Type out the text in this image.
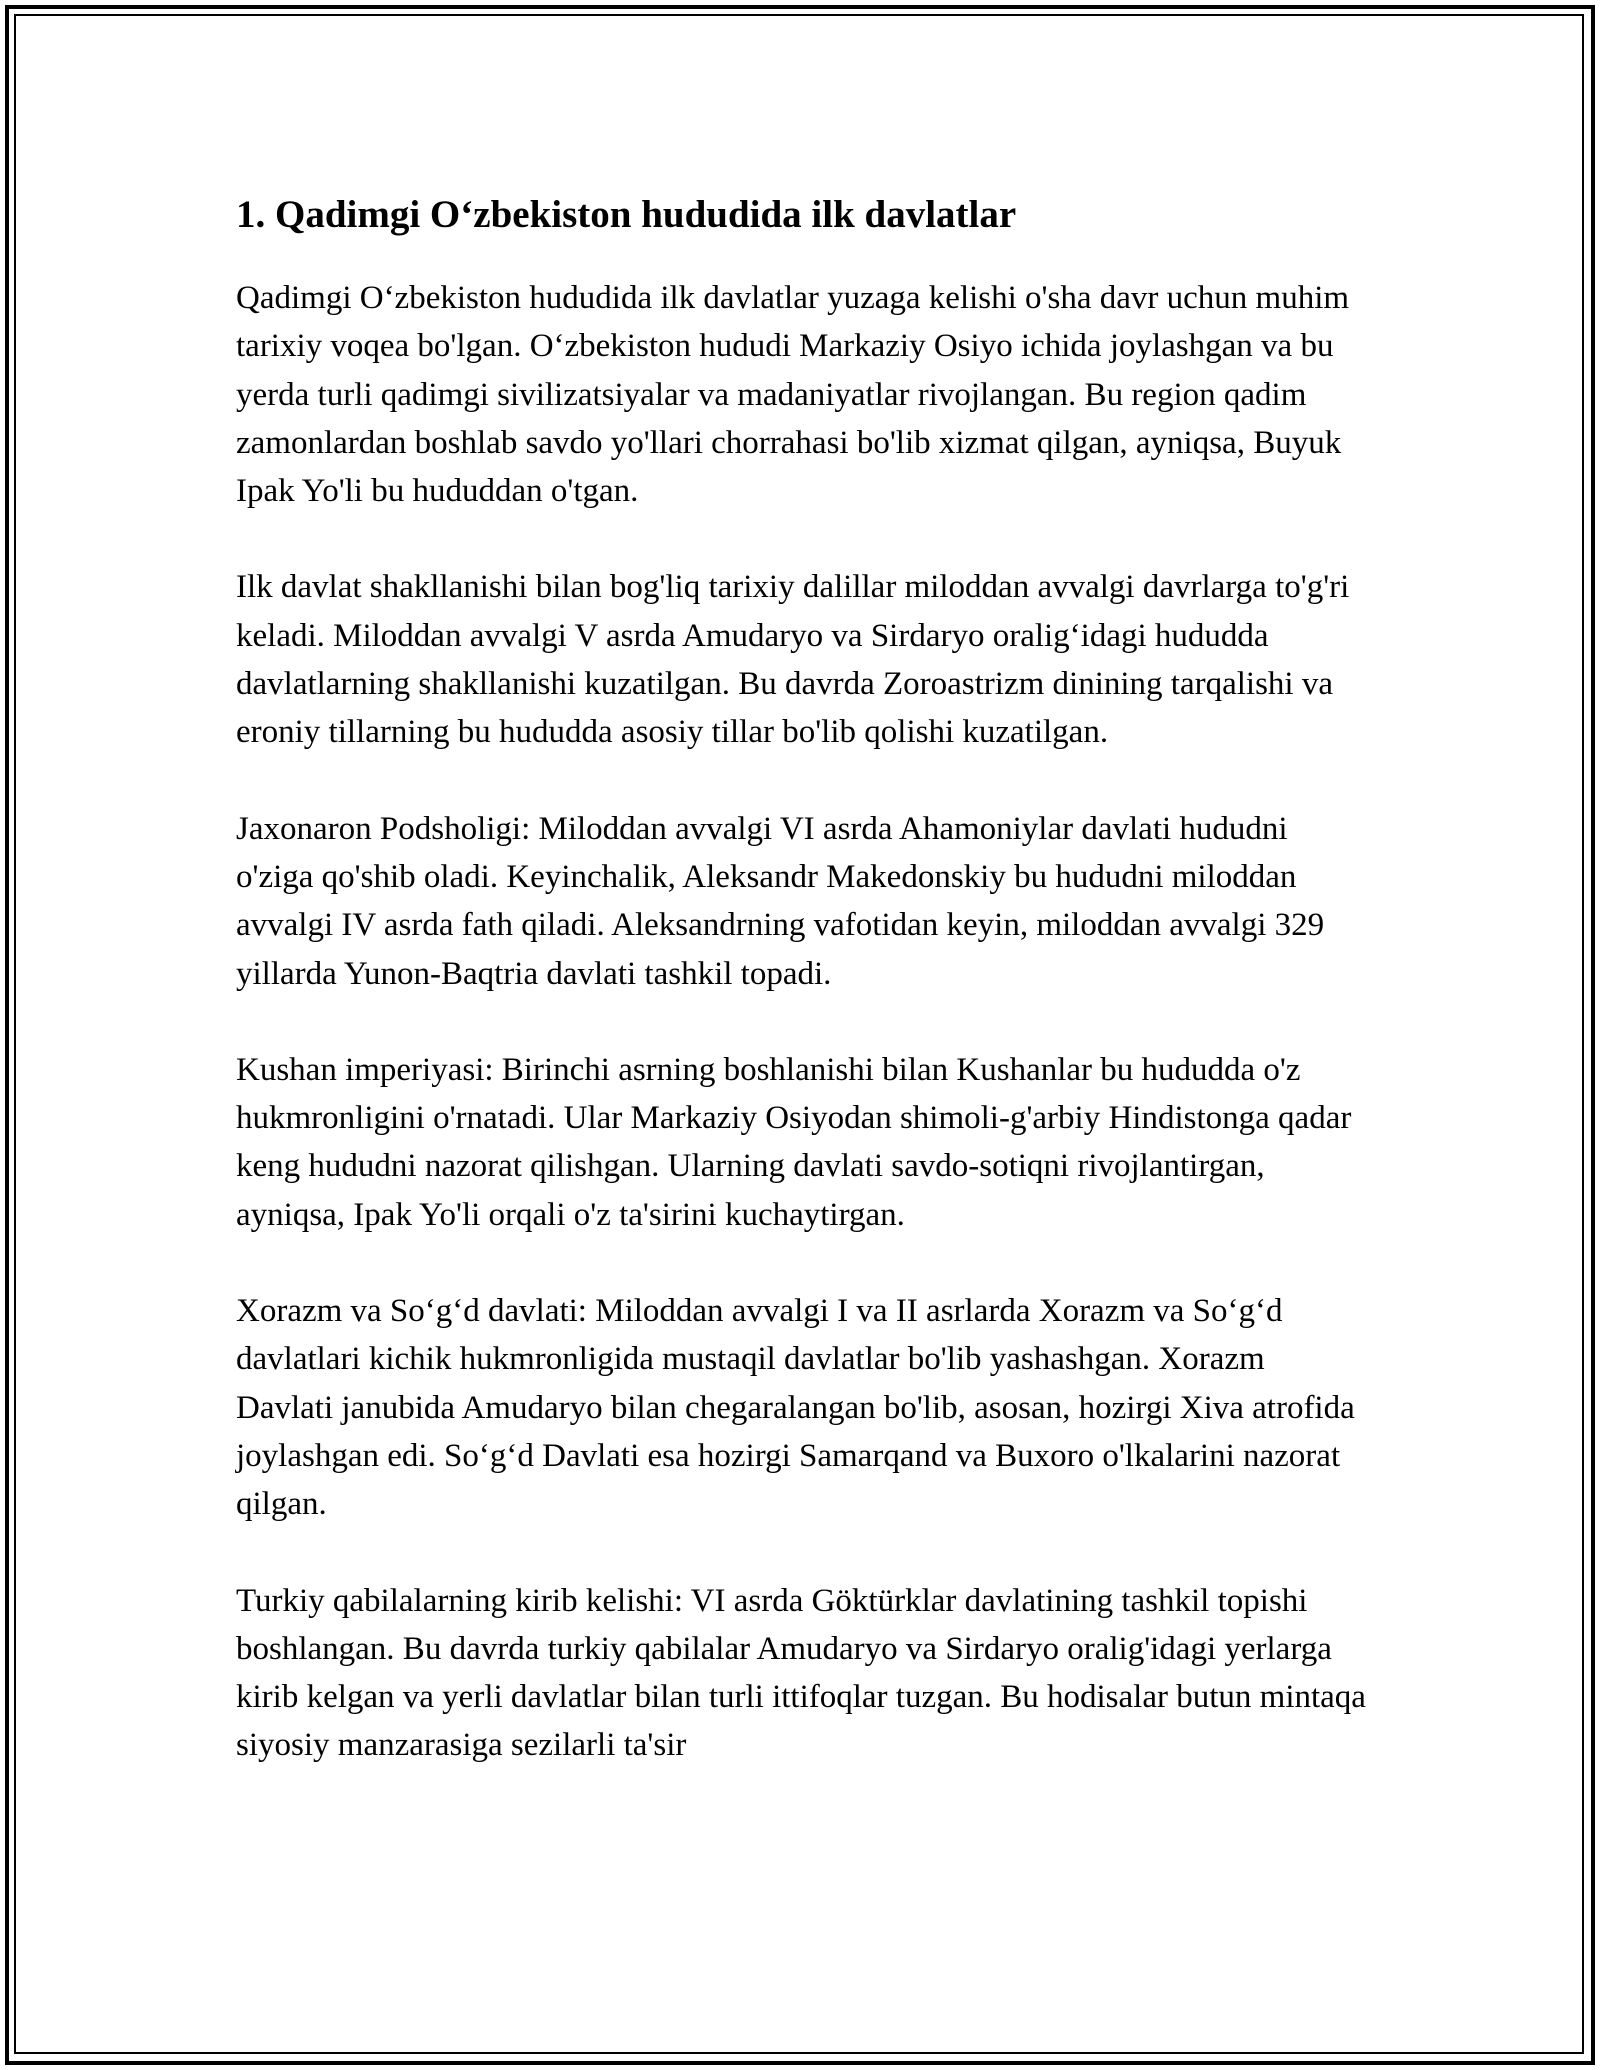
1. Qadimgi O‘zbekiston hududida ilk davlatlar

Qadimgi O‘zbekiston hududida ilk davlatlar yuzaga kelishi o'sha davr uchun muhim tarixiy voqea bo'lgan. O‘zbekiston hududi Markaziy Osiyo ichida joylashgan va bu yerda turli qadimgi sivilizatsiyalar va madaniyatlar rivojlangan. Bu region qadim zamonlardan boshlab savdo yo'llari chorrahasi bo'lib xizmat qilgan, ayniqsa, Buyuk Ipak Yo'li bu hududdan o'tgan.

Ilk davlat shakllanishi bilan bog'liq tarixiy dalillar miloddan avvalgi davrlarga to'g'ri keladi. Miloddan avvalgi V asrda Amudaryo va Sirdaryo oralig‘idagi hududda davlatlarning shakllanishi kuzatilgan. Bu davrda Zoroastrizm dinining tarqalishi va eroniy tillarning bu hududda asosiy tillar bo'lib qolishi kuzatilgan.

Jaxonaron Podsholigi: Miloddan avvalgi VI asrda Ahamoniylar davlati hududni o'ziga qo'shib oladi. Keyinchalik, Aleksandr Makedonskiy bu hududni miloddan avvalgi IV asrda fath qiladi. Aleksandrning vafotidan keyin, miloddan avvalgi 329 yillarda Yunon-Baqtria davlati tashkil topadi.

Kushan imperiyasi: Birinchi asrning boshlanishi bilan Kushanlar bu hududda o'z hukmronligini o'rnatadi. Ular Markaziy Osiyodan shimoli-g'arbiy Hindistonga qadar keng hududni nazorat qilishgan. Ularning davlati savdo-sotiqni rivojlantirgan, ayniqsa, Ipak Yo'li orqali o'z ta'sirini kuchaytirgan.

Xorazm va So‘g‘d davlati: Miloddan avvalgi I va II asrlarda Xorazm va So‘g‘d davlatlari kichik hukmronligida mustaqil davlatlar bo'lib yashashgan. Xorazm Davlati janubida Amudaryo bilan chegaralangan bo'lib, asosan, hozirgi Xiva atrofida joylashgan edi. So‘g‘d Davlati esa hozirgi Samarqand va Buxoro o'lkalarini nazorat qilgan.

Turkiy qabilalarning kirib kelishi: VI asrda Göktürklar davlatining tashkil topishi boshlangan. Bu davrda turkiy qabilalar Amudaryo va Sirdaryo oralig'idagi yerlarga kirib kelgan va yerli davlatlar bilan turli ittifoqlar tuzgan. Bu hodisalar butun mintaqa siyosiy manzarasiga sezilarli ta'sir
